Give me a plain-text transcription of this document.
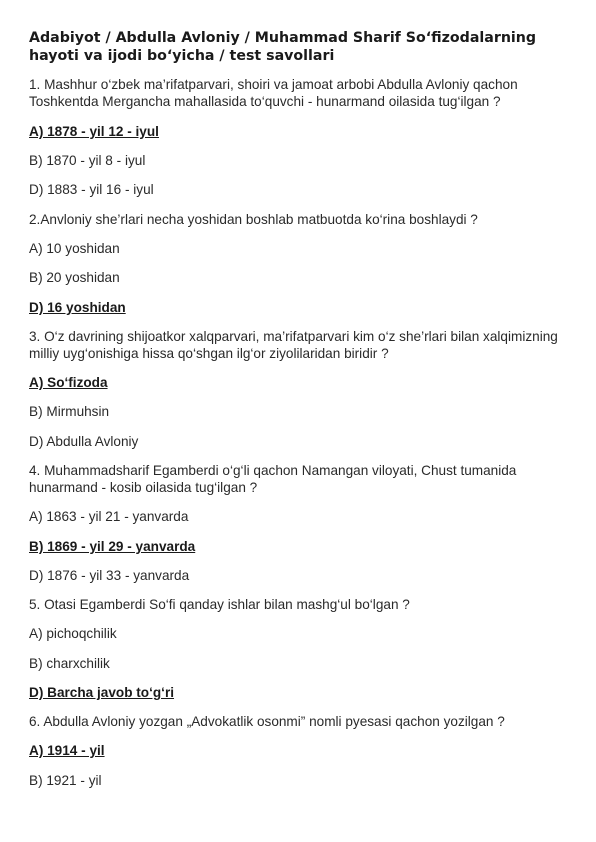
Adabiyot / Abdulla Avloniy / Muhammad Sharif So‘fizodalarning hayoti va ijodi bo‘yicha / test savollari
1. Mashhur o‘zbek ma’rifatparvari, shoiri va jamoat arbobi Abdulla Avloniy qachon Toshkentda Mergancha mahallasida to‘quvchi - hunarmand oilasida tug‘ilgan ?
A) 1878 - yil 12 - iyul
B) 1870 - yil 8 - iyul
D) 1883 - yil 16 - iyul
2.Anvloniy she’rlari necha yoshidan boshlab matbuotda ko‘rina boshlaydi ?
A) 10 yoshidan
B) 20 yoshidan
D) 16 yoshidan
3. O‘z davrining shijoatkor xalqparvari, ma’rifatparvari kim o‘z she’rlari bilan xalqimizning milliy uyg‘onishiga hissa qo‘shgan ilg‘or ziyolilaridan biridir ?
A) So‘fizoda
B) Mirmuhsin
D) Abdulla Avloniy
4. Muhammadsharif Egamberdi o‘g‘li qachon Namangan viloyati, Chust tumanida hunarmand - kosib oilasida tug‘ilgan ?
A) 1863 - yil 21 - yanvarda
B) 1869 - yil 29 - yanvarda
D) 1876 - yil 33 - yanvarda
5. Otasi Egamberdi So‘fi qanday ishlar bilan mashg‘ul bo‘lgan ?
A) pichoqchilik
B) charxchilik
D) Barcha javob to‘g‘ri
6. Abdulla Avloniy yozgan „Advokatlik osonmi” nomli pyesasi qachon yozilgan ?
A) 1914 - yil
B) 1921 - yil
